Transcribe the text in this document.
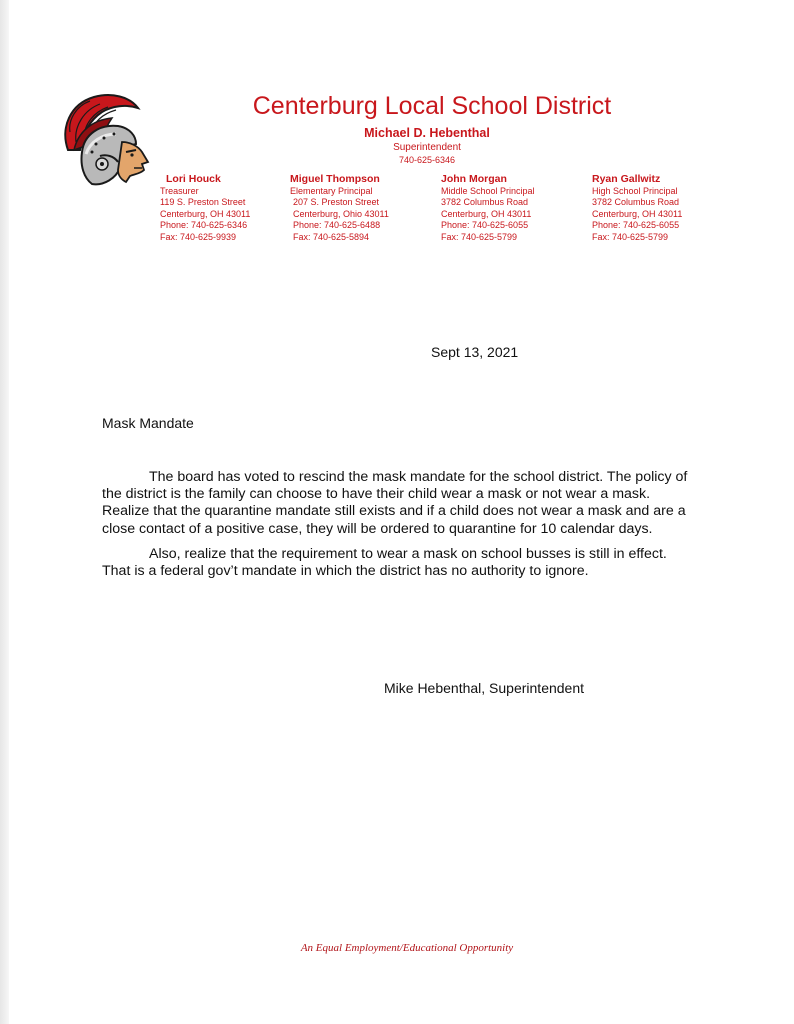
Centerburg Local School District
Michael D. Hebenthal
Superintendent
740-625-6346
Lori Houck
Treasurer
119 S. Preston Street
Centerburg, OH 43011
Phone: 740-625-6346
Fax: 740-625-9939
Miguel Thompson
Elementary Principal
207 S. Preston Street
Centerburg, Ohio 43011
Phone: 740-625-6488
Fax: 740-625-5894
John Morgan
Middle School Principal
3782 Columbus Road
Centerburg, OH 43011
Phone: 740-625-6055
Fax: 740-625-5799
Ryan Gallwitz
High School Principal
3782 Columbus Road
Centerburg, OH 43011
Phone: 740-625-6055
Fax: 740-625-5799
Sept 13, 2021
Mask Mandate

The board has voted to rescind the mask mandate for the school district. The policy of the district is the family can choose to have their child wear a mask or not wear a mask. Realize that the quarantine mandate still exists and if a child does not wear a mask and are a close contact of a positive case, they will be ordered to quarantine for 10 calendar days.

Also, realize that the requirement to wear a mask on school busses is still in effect. That is a federal gov’t mandate in which the district has no authority to ignore.

Mike Hebenthal, Superintendent
An Equal Employment/Educational Opportunity
